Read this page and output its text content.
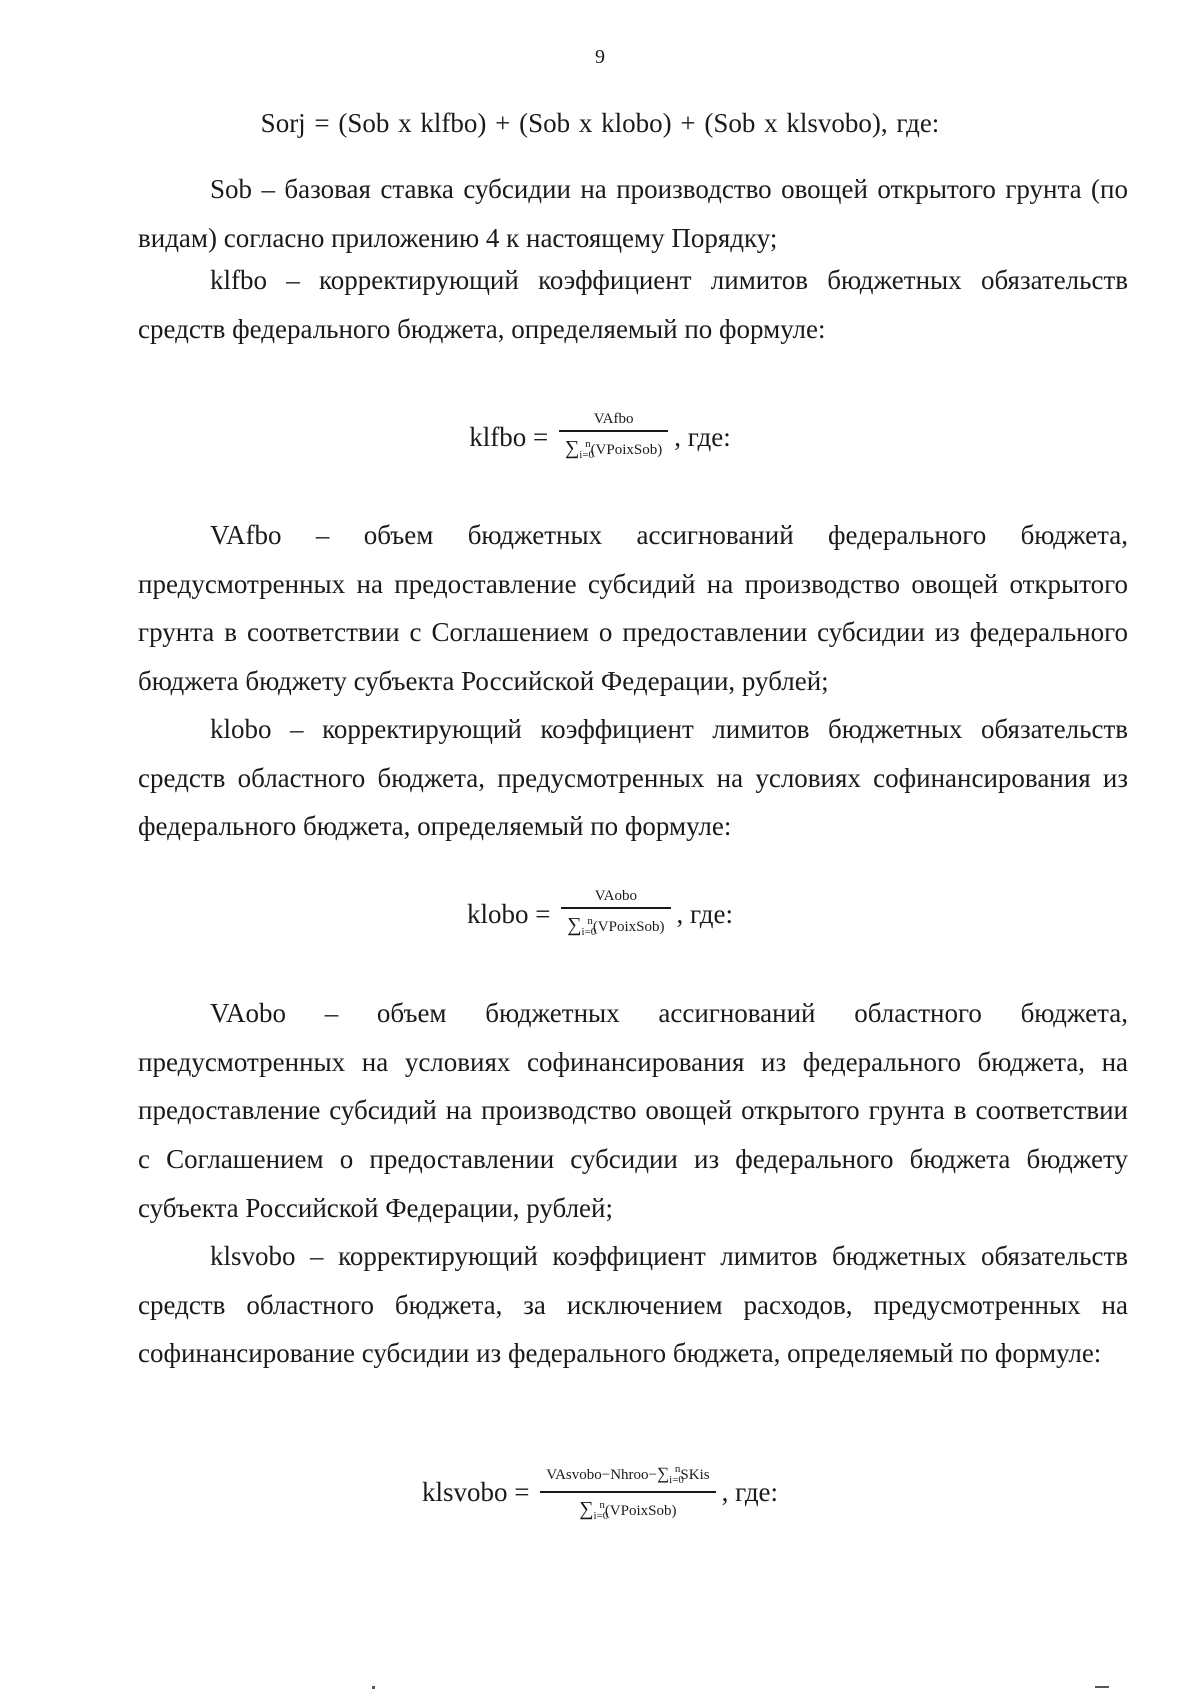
9
Sorj = (Sob x klfbo) + (Sob x klobo) + (Sob x klsvobo), где:

Sob – базовая ставка субсидии на производство овощей открытого грунта (по видам) согласно приложению 4 к настоящему Порядку;

klfbo – корректирующий коэффициент лимитов бюджетных обязательств средств федерального бюджета, определяемый по формуле:

klfbo = $\frac{\text{VAfbo}}{\sum_{i=0}^n(VPoixSob)}$ , где:

VAfbo – объем бюджетных ассигнований федерального бюджета, предусмотренных на предоставление субсидий на производство овощей открытого грунта в соответствии с Соглашением о предоставлении субсидии из федерального бюджета бюджету субъекта Российской Федерации, рублей;

klobo – корректирующий коэффициент лимитов бюджетных обязательств средств областного бюджета, предусмотренных на условиях софинансирования из федерального бюджета, определяемый по формуле:

klobo = $\frac{\text{VAobo}}{\sum_{i=0}^n(VPoixSob)}$ , где:

VAobo – объем бюджетных ассигнований областного бюджета, предусмотренных на условиях софинансирования из федерального бюджета, на предоставление субсидий на производство овощей открытого грунта в соответствии с Соглашением о предоставлении субсидии из федерального бюджета бюджету субъекта Российской Федерации, рублей;

klsvobo – корректирующий коэффициент лимитов бюджетных обязательств средств областного бюджета, за исключением расходов, предусмотренных на софинансирование субсидии из федерального бюджета, определяемый по формуле:

klsvobo = $\frac{VAsvobo-Nhroo-\sum_{i=0}^nSKis}{\sum_{i=0}^n(VPoixSob)}$ , где:
